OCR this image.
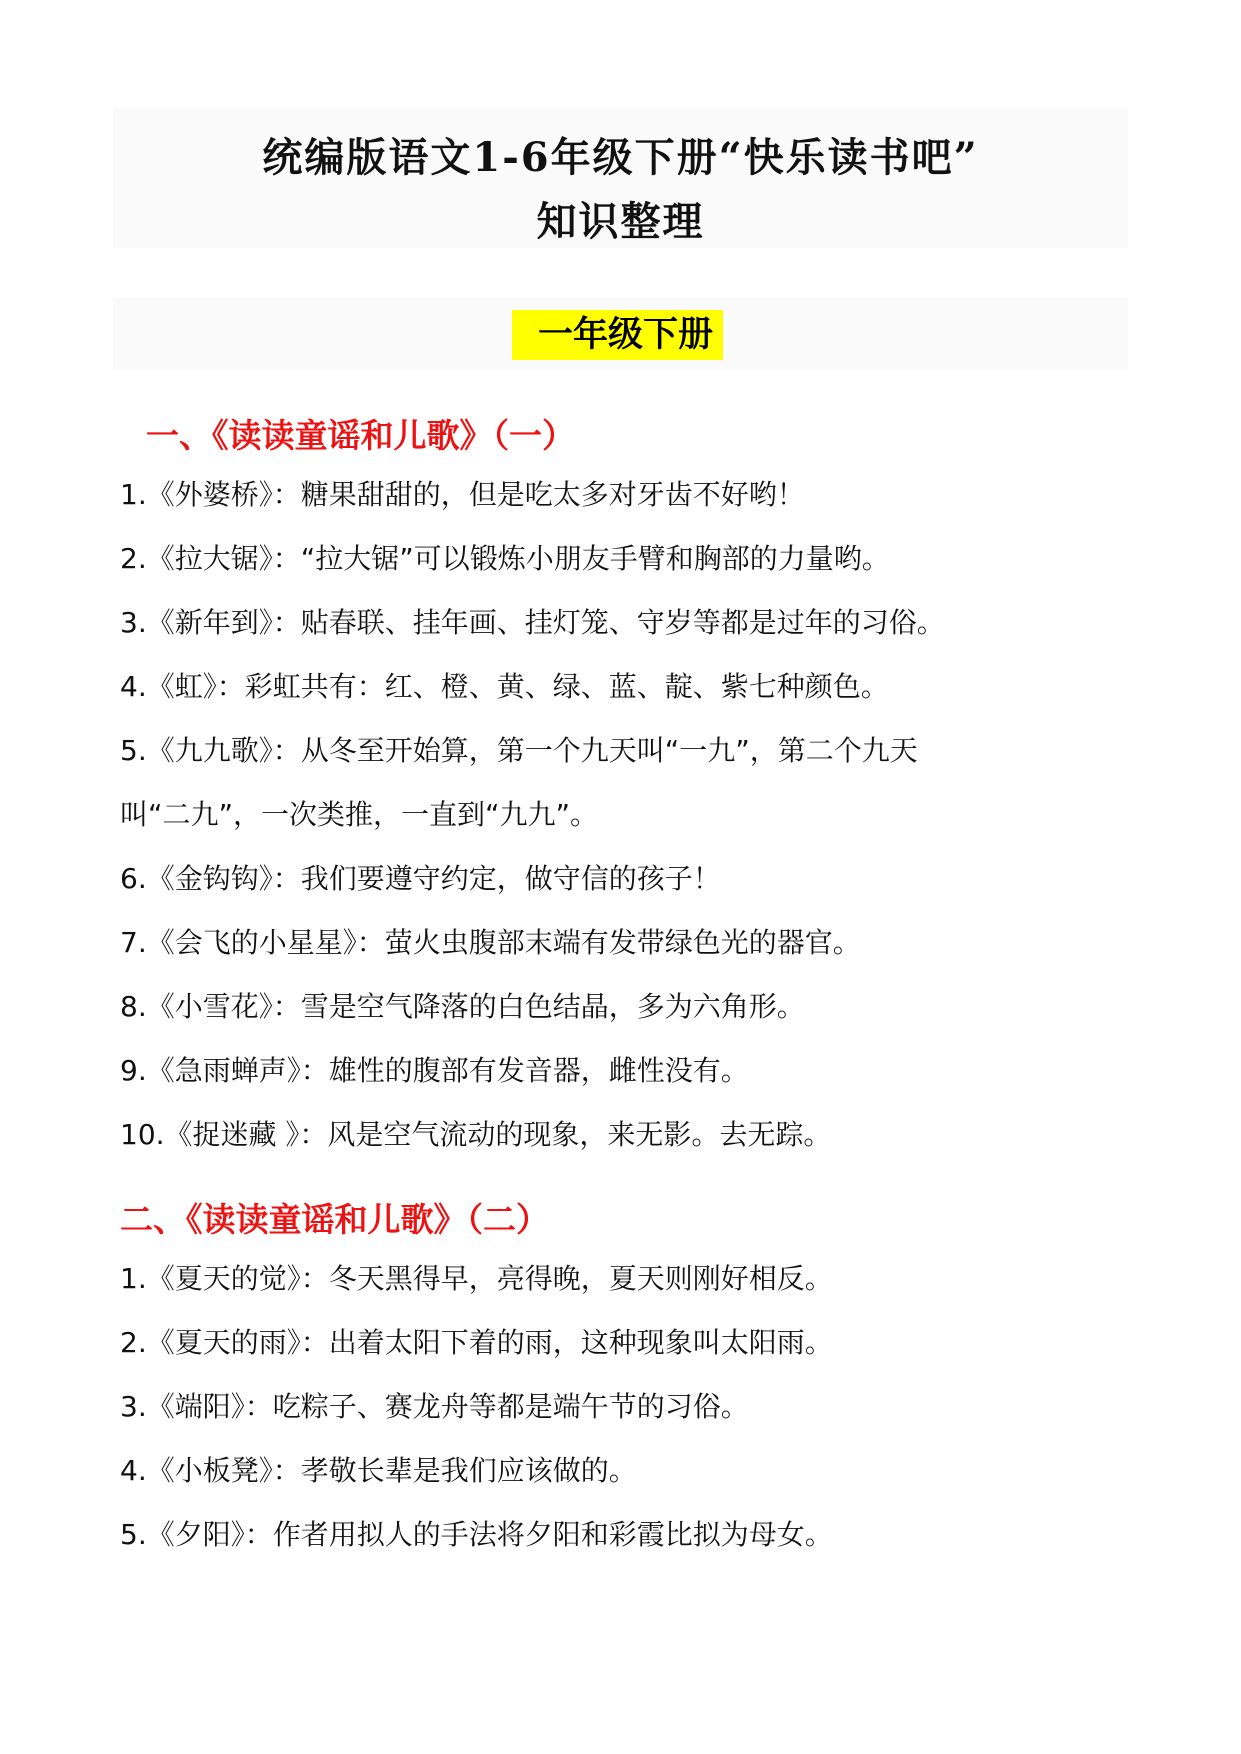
统编版语文1-6年级下册“快乐读书吧”
知识整理
一年级下册
一、《读读童谣和儿歌》（一）
1.《外婆桥》：糖果甜甜的，但是吃太多对牙齿不好哟！
2.《拉大锯》：“拉大锯”可以锻炼小朋友手臂和胸部的力量哟。
3.《新年到》：贴春联、挂年画、挂灯笼、守岁等都是过年的习俗。
4.《虹》：彩虹共有：红、橙、黄、绿、蓝、靛、紫七种颜色。
5.《九九歌》：从冬至开始算，第一个九天叫“一九”，第二个九天
叫“二九”，一次类推，一直到“九九”。
6.《金钩钩》：我们要遵守约定，做守信的孩子！
7.《会飞的小星星》：萤火虫腹部末端有发带绿色光的器官。
8.《小雪花》：雪是空气降落的白色结晶，多为六角形。
9.《急雨蝉声》：雄性的腹部有发音器，雌性没有。
10.《捉迷藏 》：风是空气流动的现象，来无影。去无踪。
二、《读读童谣和儿歌》（二）
1.《夏天的觉》：冬天黑得早，亮得晚，夏天则刚好相反。
2.《夏天的雨》：出着太阳下着的雨，这种现象叫太阳雨。
3.《端阳》：吃粽子、赛龙舟等都是端午节的习俗。
4.《小板凳》：孝敬长辈是我们应该做的。
5.《夕阳》：作者用拟人的手法将夕阳和彩霞比拟为母女。
